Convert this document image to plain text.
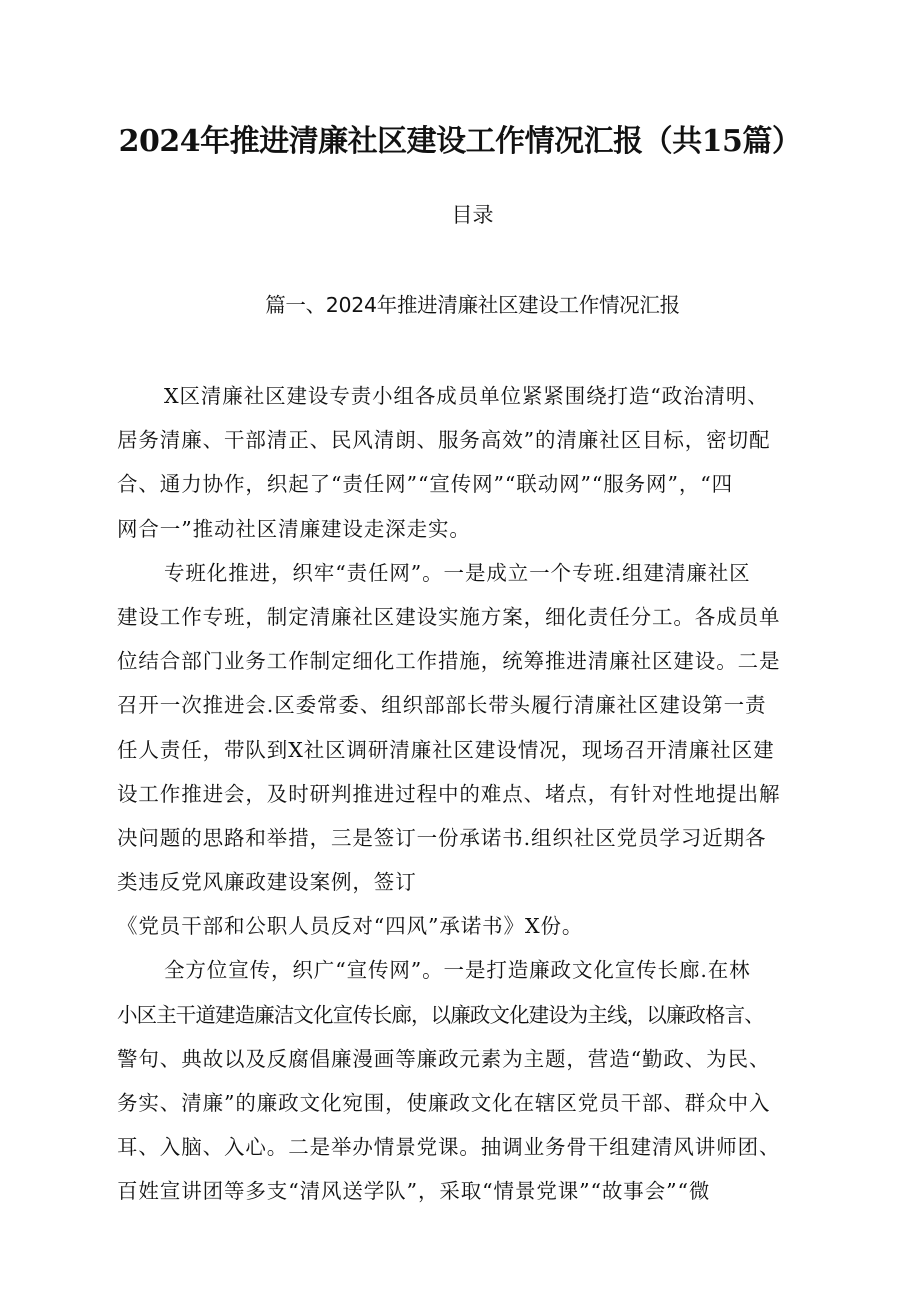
2024年推进清廉社区建设工作情况汇报（共15篇）
目录
篇一、2024年推进清廉社区建设工作情况汇报
X区清廉社区建设专责小组各成员单位紧紧围绕打造“政治清明、
居务清廉、干部清正、民风清朗、服务高效”的清廉社区目标，密切配
合、通力协作，织起了“责任网”“宣传网”“联动网”“服务网”，“四
网合一”推动社区清廉建设走深走实。
专班化推进，织牢“责任网”。一是成立一个专班.组建清廉社区
建设工作专班，制定清廉社区建设实施方案，细化责任分工。各成员单
位结合部门业务工作制定细化工作措施，统筹推进清廉社区建设。二是
召开一次推进会.区委常委、组织部部长带头履行清廉社区建设第一责
任人责任，带队到X社区调研清廉社区建设情况，现场召开清廉社区建
设工作推进会，及时研判推进过程中的难点、堵点，有针对性地提出解
决问题的思路和举措，三是签订一份承诺书.组织社区党员学习近期各
类违反党风廉政建设案例，签订
《党员干部和公职人员反对“四风”承诺书》X份。
全方位宣传，织广“宣传网”。一是打造廉政文化宣传长廊.在林
小区主干道建造廉洁文化宣传长廊，以廉政文化建设为主线，以廉政格言、
警句、典故以及反腐倡廉漫画等廉政元素为主题，营造“勤政、为民、
务实、清廉”的廉政文化宛围，使廉政文化在辖区党员干部、群众中入
耳、入脑、入心。二是举办情景党课。抽调业务骨干组建清风讲师团、
百姓宣讲团等多支“清风送学队”，采取“情景党课”“故事会”“微
